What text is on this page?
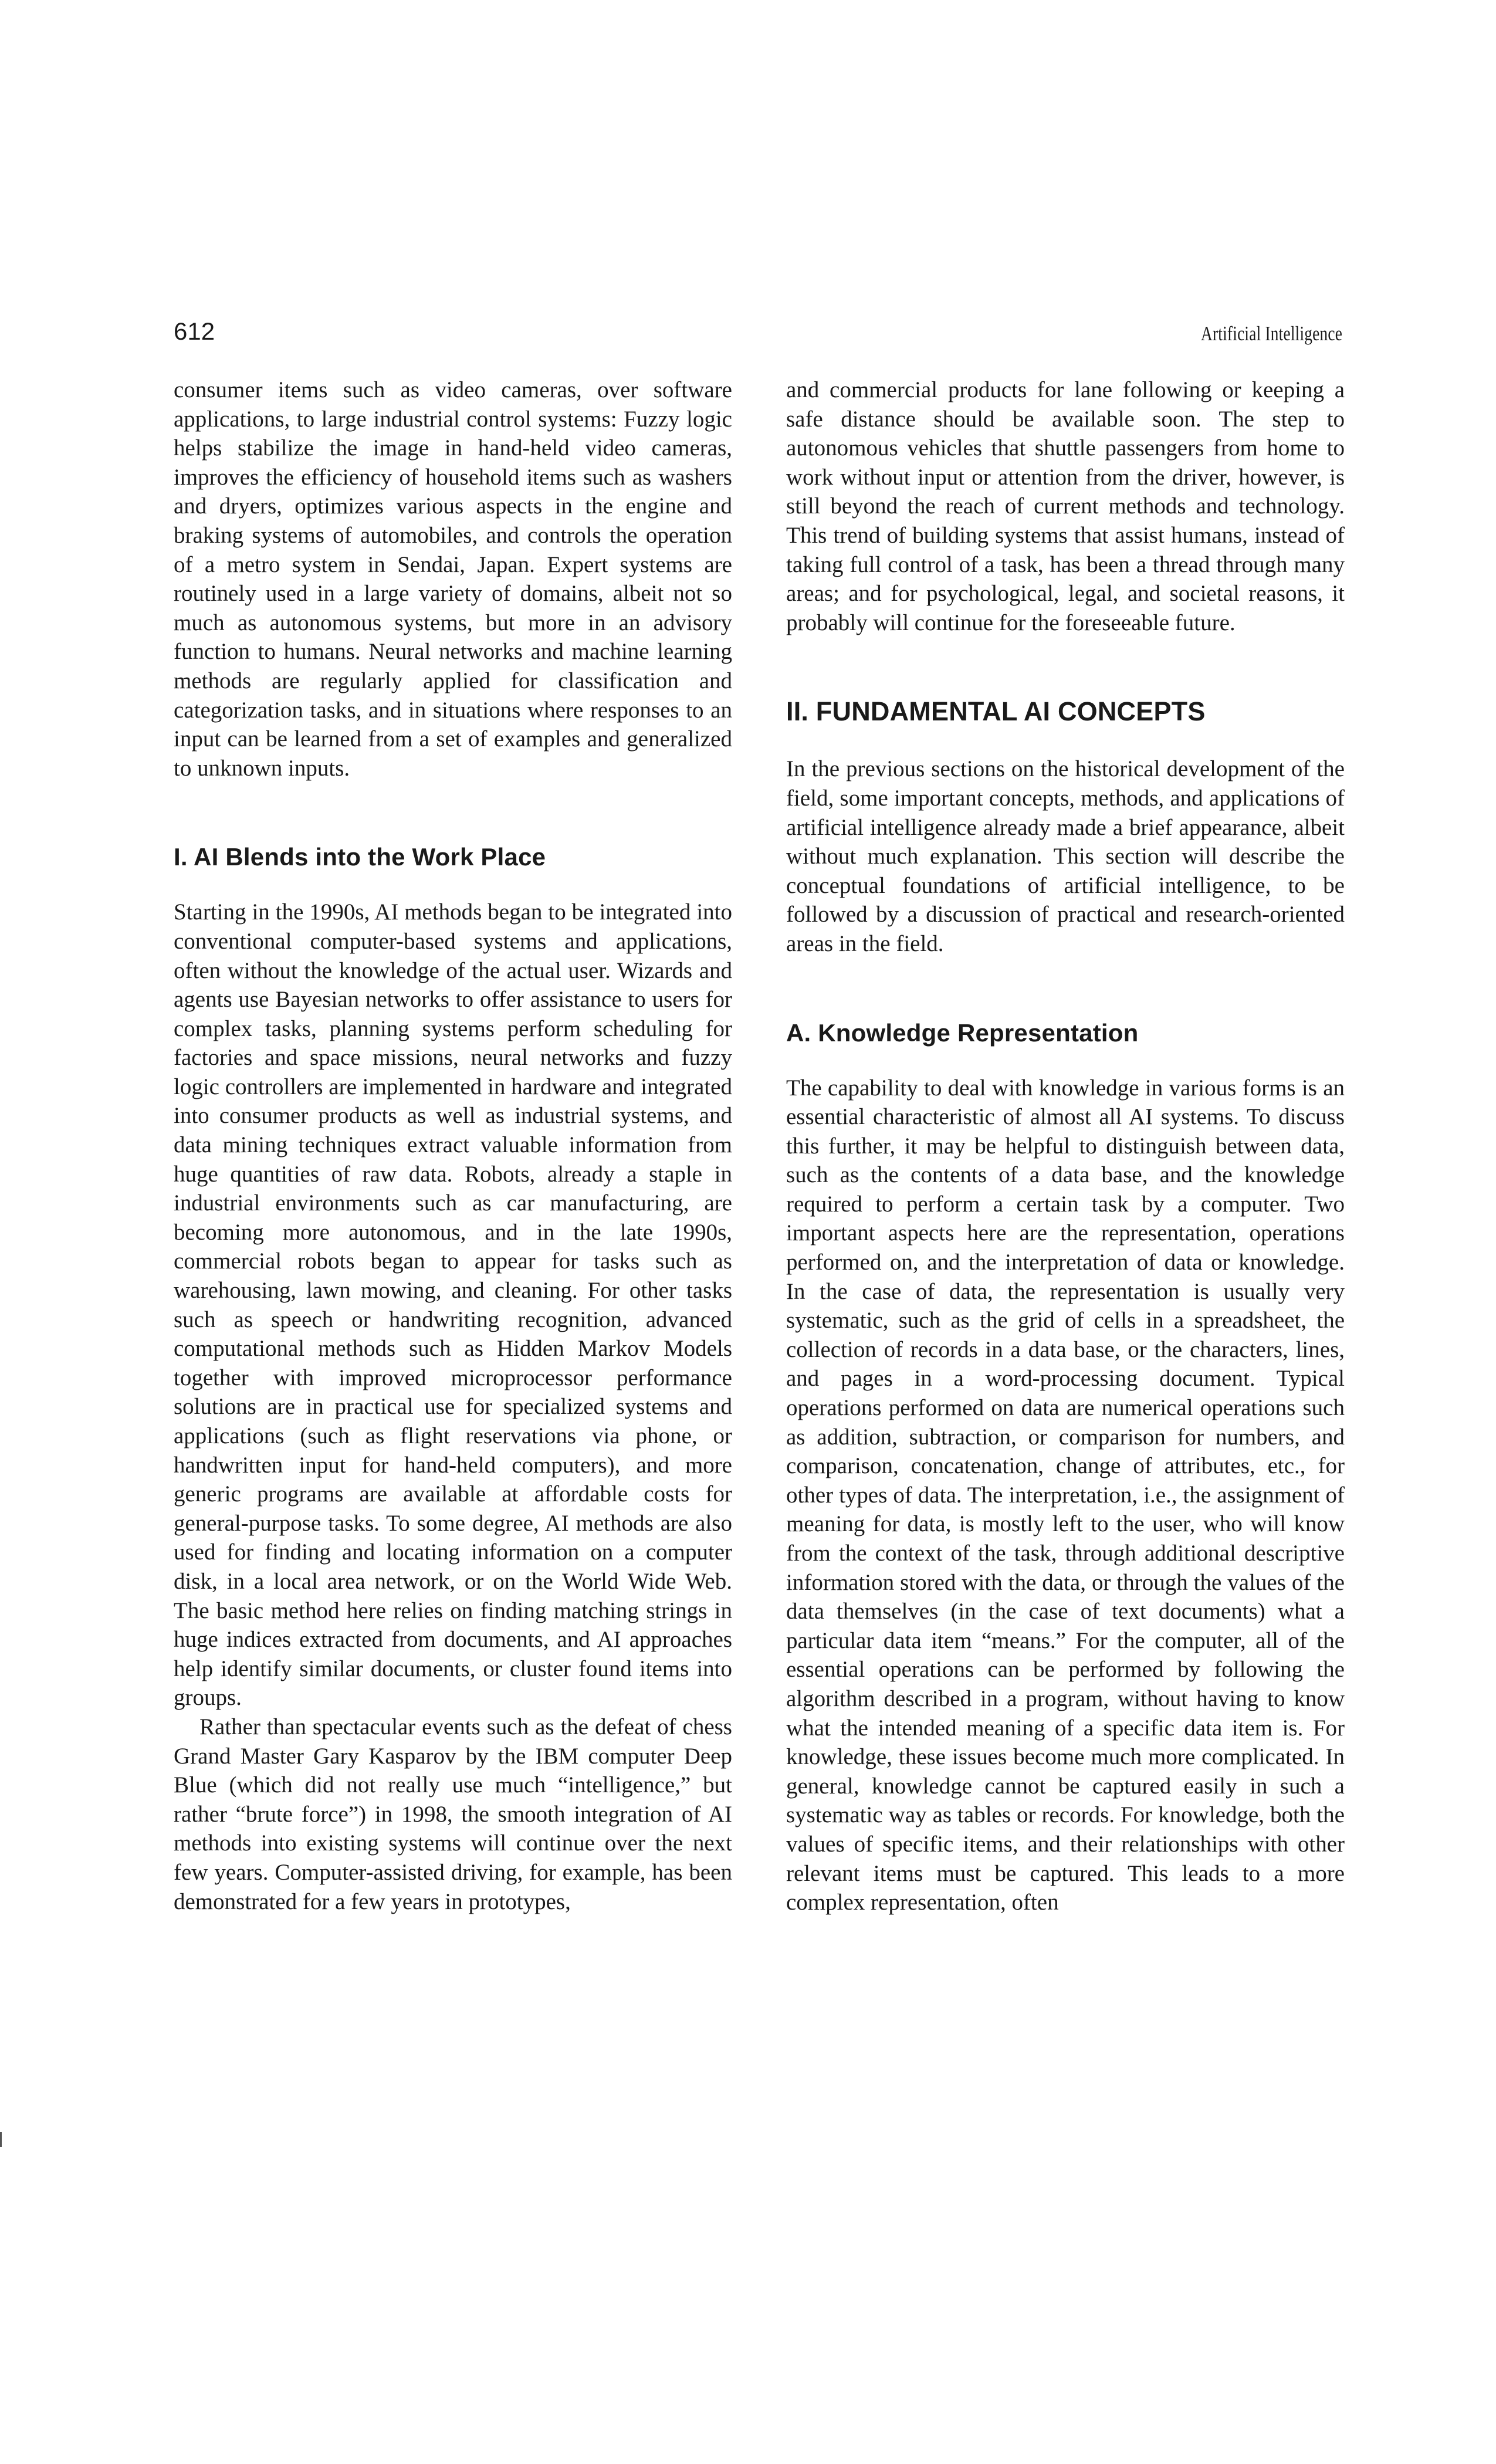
612	Artificial Intelligence

consumer items such as video cameras, over software applications, to large industrial control systems: Fuzzy logic helps stabilize the image in hand-held video cameras, improves the efficiency of household items such as washers and dryers, optimizes various aspects in the engine and braking systems of automobiles, and controls the operation of a metro system in Sendai, Japan. Expert systems are routinely used in a large variety of domains, albeit not so much as autonomous systems, but more in an advisory function to humans. Neural networks and machine learning methods are regularly applied for classification and categorization tasks, and in situations where responses to an input can be learned from a set of examples and generalized to unknown inputs.

I. AI Blends into the Work Place

Starting in the 1990s, AI methods began to be integrated into conventional computer-based systems and applications, often without the knowledge of the actual user. Wizards and agents use Bayesian networks to offer assistance to users for complex tasks, planning systems perform scheduling for factories and space missions, neural networks and fuzzy logic controllers are implemented in hardware and integrated into consumer products as well as industrial systems, and data mining techniques extract valuable information from huge quantities of raw data. Robots, already a staple in industrial environments such as car manufacturing, are becoming more autonomous, and in the late 1990s, commercial robots began to appear for tasks such as warehousing, lawn mowing, and cleaning. For other tasks such as speech or handwriting recognition, advanced computational methods such as Hidden Markov Models together with improved microprocessor performance solutions are in practical use for specialized systems and applications (such as flight reservations via phone, or handwritten input for hand-held computers), and more generic programs are available at affordable costs for general-purpose tasks. To some degree, AI methods are also used for finding and locating information on a computer disk, in a local area network, or on the World Wide Web. The basic method here relies on finding matching strings in huge indices extracted from documents, and AI approaches help identify similar documents, or cluster found items into groups.

Rather than spectacular events such as the defeat of chess Grand Master Gary Kasparov by the IBM computer Deep Blue (which did not really use much “intelligence,” but rather “brute force”) in 1998, the smooth integration of AI methods into existing systems will continue over the next few years. Computer-assisted driving, for example, has been demonstrated for a few years in prototypes,

and commercial products for lane following or keeping a safe distance should be available soon. The step to autonomous vehicles that shuttle passengers from home to work without input or attention from the driver, however, is still beyond the reach of current methods and technology. This trend of building systems that assist humans, instead of taking full control of a task, has been a thread through many areas; and for psychological, legal, and societal reasons, it probably will continue for the foreseeable future.

II. FUNDAMENTAL AI CONCEPTS

In the previous sections on the historical development of the field, some important concepts, methods, and applications of artificial intelligence already made a brief appearance, albeit without much explanation. This section will describe the conceptual foundations of artificial intelligence, to be followed by a discussion of practical and research-oriented areas in the field.

A. Knowledge Representation

The capability to deal with knowledge in various forms is an essential characteristic of almost all AI systems. To discuss this further, it may be helpful to distinguish between data, such as the contents of a data base, and the knowledge required to perform a certain task by a computer. Two important aspects here are the representation, operations performed on, and the interpretation of data or knowledge. In the case of data, the representation is usually very systematic, such as the grid of cells in a spreadsheet, the collection of records in a data base, or the characters, lines, and pages in a word-processing document. Typical operations performed on data are numerical operations such as addition, subtraction, or comparison for numbers, and comparison, concatenation, change of attributes, etc., for other types of data. The interpretation, i.e., the assignment of meaning for data, is mostly left to the user, who will know from the context of the task, through additional descriptive information stored with the data, or through the values of the data themselves (in the case of text documents) what a particular data item “means.” For the computer, all of the essential operations can be performed by following the algorithm described in a program, without having to know what the intended meaning of a specific data item is. For knowledge, these issues become much more complicated. In general, knowledge cannot be captured easily in such a systematic way as tables or records. For knowledge, both the values of specific items, and their relationships with other relevant items must be captured. This leads to a more complex representation, often
